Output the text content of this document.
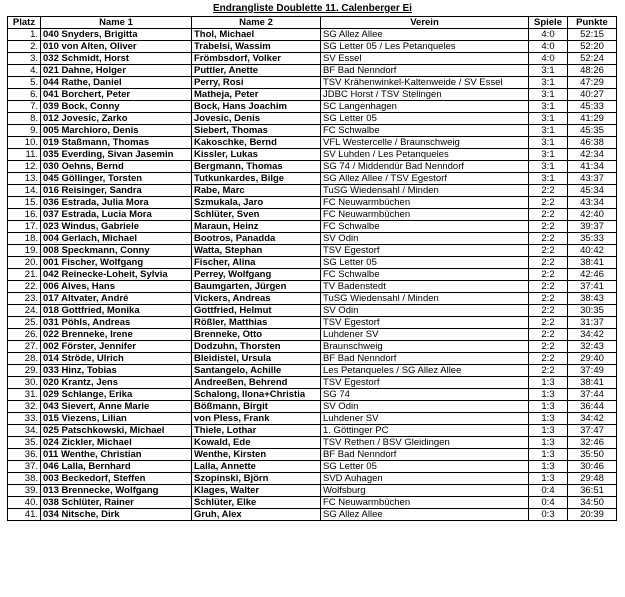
Endrangliste Doublette 11. Calenberger Ei
Platz	Name 1	Name 2	Verein	Spiele	Punkte
1.	040 Snyders, Brigitta	Thol, Michael	SG Allez Allee	4:0	52:15
2.	010 von Alten, Oliver	Trabelsi, Wassim	SG Letter 05 / Les Petanqueles	4:0	52:20
3.	032 Schmidt, Horst	Frömbsdorf, Volker	SV Essel	4:0	52:24
4.	021 Dahne, Holger	Puttler, Anette	BF Bad Nenndorf	3:1	48:26
5.	044 Rathe, Daniel	Perry, Rosi	TSV Krähenwinkel-Kaltenweide / SV Essel	3:1	47:29
6.	041 Borchert, Peter	Matheja, Peter	JDBC Horst / TSV Stelingen	3:1	40:27
7.	039 Bock, Conny	Bock, Hans Joachim	SC Langenhagen	3:1	45:33
8.	012 Jovesic, Zarko	Jovesic, Denis	SG Letter 05	3:1	41:29
9.	005 Marchioro, Denis	Siebert, Thomas	FC Schwalbe	3:1	45:35
10.	019 Staßmann, Thomas	Kakoschke, Bernd	VFL Westercelle / Braunschweig	3:1	46:38
11.	035 Everding, Sivan Jasemin	Kissler, Lukas	SV Luhden / Les Petanqueles	3:1	42:34
12.	030 Oehns, Bernd	Bergmann, Thomas	SG 74 / Middendür Bad Nenndorf	3:1	41:34
13.	045 Göllinger, Torsten	Tutkunkardes, Bilge	SG Allez Allee / TSV Egestorf	3:1	43:37
14.	016 Reisinger, Sandra	Rabe, Marc	TuSG Wiedensahl / Minden	2:2	45:34
15.	036 Estrada, Julia Mora	Szmukala, Jaro	FC Neuwarmbüchen	2:2	43:34
16.	037 Estrada, Lucia Mora	Schlüter, Sven	FC Neuwarmbüchen	2:2	42:40
17.	023 Windus, Gabriele	Maraun, Heinz	FC Schwalbe	2:2	39:37
18.	004 Gerlach, Michael	Bootros, Panadda	SV Odin	2:2	35:33
19.	008 Speckmann, Conny	Watta, Stephan	TSV Egestorf	2:2	40:42
20.	001 Fischer, Wolfgang	Fischer, Alina	SG Letter 05	2:2	38:41
21.	042 Reinecke-Loheit, Sylvia	Perrey, Wolfgang	FC Schwalbe	2:2	42:46
22.	006 Alves, Hans	Baumgarten, Jürgen	TV Badenstedt	2:2	37:41
23.	017 Altvater, André	Vickers, Andreas	TuSG Wiedensahl / Minden	2:2	38:43
24.	018 Gottfried, Monika	Gottfried, Helmut	SV Odin	2:2	30:35
25.	031 Pöhls, Andreas	Rößler, Matthias	TSV Egestorf	2:2	31:37
26.	022 Brenneke, Irene	Brenneke, Otto	Luhdener SV	2:2	34:42
27.	002 Förster, Jennifer	Dodzuhn, Thorsten	Braunschweig	2:2	32:43
28.	014 Ströde, Ulrich	Bleidistel, Ursula	BF Bad Nenndorf	2:2	29:40
29.	033 Hinz, Tobias	Santangelo, Achille	Les Petanqueles / SG Allez Allee	2:2	37:49
30.	020 Krantz, Jens	Andreeßen, Behrend	TSV Egestorf	1:3	38:41
31.	029 Schlange, Erika	Schalong, Ilona+Christia	SG 74	1:3	37:44
32.	043 Sievert, Anne Marie	Bößmann, Birgit	SV Odin	1:3	36:44
33.	015 Viezens, Lilian	von Pless, Frank	Luhdener SV	1:3	34:42
34.	025 Patschkowski, Michael	Thiele, Lothar	1. Göttinger PC	1:3	37:47
35.	024 Zickler, Michael	Kowald, Ede	TSV Rethen / BSV Gleidingen	1:3	32:46
36.	011 Wenthe, Christian	Wenthe, Kirsten	BF Bad Nenndorf	1:3	35:50
37.	046 Lalla, Bernhard	Lalla, Annette	SG Letter 05	1:3	30:46
38.	003 Beckedorf, Steffen	Szopinski, Björn	SVD Auhagen	1:3	29:48
39.	013 Brennecke, Wolfgang	Klages, Walter	Wolfsburg	0:4	36:51
40.	038 Schlüter, Rainer	Schlüter, Elke	FC Neuwarmbüchen	0:4	34:50
41.	034 Nitsche, Dirk	Gruh, Alex	SG Allez Allee	0:3	20:39
